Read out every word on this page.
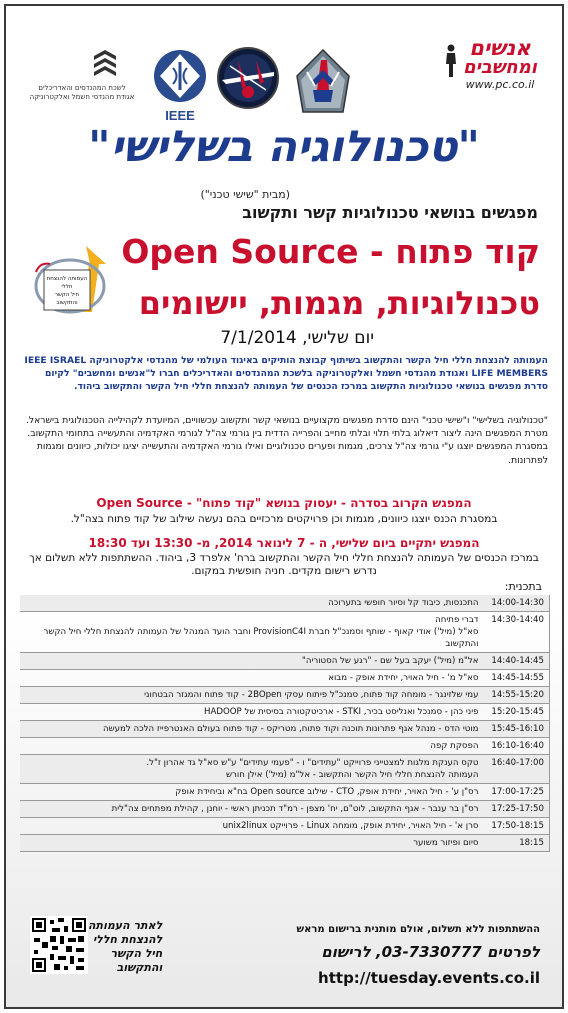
אנשים
ומחשבים
www.pc.co.il
IEEE
לשכת המהנדסים והאדריכלים
אגודת מהנדסי חשמל ואלקטרוניקה
"טכנולוגיה בשלישי"
(מבית "שישי טכני")
מפגשים בנושאי טכנולוגיות קשר ותקשוב
קוד פתוח - Open Source
טכנולוגיות, מגמות, יישומים
העמותה להנצחת
חללי
חיל הקשר
והתקשוב
יום שלישי, 7/1/2014
העמותה להנצחת חללי חיל הקשר והתקשוב בשיתוף קבוצת הותיקים באיגוד העולמי של מהנדסי אלקטרוניקה IEEE ISRAEL LIFE MEMBERS ואגודת מהנדסי חשמל ואלקטרוניקה בלשכת המהנדסים והאדריכלים חברו ל"אנשים ומחשבים" לקיום סדרת מפגשים בנושאי טכנולוגיות התקשוב במרכז הכנסים של העמותה להנצחת חללי חיל הקשר והתקשוב ביהוד.

"טכנולוגיה בשלישי" ו"שישי טכני" הינם סדרת מפגשים מקצועיים בנושאי קשר ותקשוב עכשוויים, המיועדת לקהילייה הטכנולוגית בישראל. מטרת המפגשים הינה ליצור דיאלוג בלתי תלוי ובלתי מחייב והפרייה הדדית בין גורמי צה"ל לגורמי האקדמיה והתעשייה בתחומי התקשוב.

במסגרת המפגשים יוצגו ע"י גורמי צה"ל צרכים, מגמות ופערים טכנולוגיים ואילו גורמי האקדמיה והתעשייה יציגו יכולות, כיוונים ומגמות לפתרונות.

המפגש הקרוב בסדרה - יעסוק בנושא "קוד פתוח" - Open Source
במסגרת הכנס יוצגו כיוונים, מגמות וכן פרויקטים מרכזיים בהם נעשה שילוב של קוד פתוח בצה"ל.
המפגש יתקיים ביום שלישי, ה - 7 לינואר 2014, מ- 13:30 ועד 18:30
במרכז הכנסים של העמותה להנצחת חללי חיל הקשר והתקשוב ברח' אלפרד 3, ביהוד. ההשתתפות ללא תשלום אך נדרש רישום מקדים. חניה חופשית במקום.
בתכנית:
14:00-14:30	התכנסות, כיבוד קל וסיור חופשי בתערוכה

14:30-14:40	דברי פתיחה
סא"ל (מיל') אודי קאוף - שותף וסמנכ"ל חברת ProvisionC4I וחבר הועד המנהל של העמותה להנצחת חללי חיל הקשר והתקשוב

14:40-14:45	אל"מ (מיל') יעקב בעל שם - "רגע של הסטוריה"

14:45-14:55	סא"ל מ' - חיל האויר, יחידת אופק - מבוא

14:55-15:20	עמי שלזינגר - מומחה קוד פתוח, סמנכ"ל פיתוח עסקי 2BOpen - קוד פתוח והמגזר הבטחוני

15:20-15:45	פיני כהן - סמנכל ואנליסט בכיר, STKI - ארכיטקטורה בסיסית של HADOOP

15:45-16:10	מוטי הדס - מנהל אגף פתרונות תוכנה וקוד פתוח, מטריקס - קוד פתוח בעולם האנטרפייז הלכה למעשה

16:10-16:40	הפסקת קפה

16:40-17:00	טקס הענקת מלגות למצטייני פרוייקט "עתידים" ו - "פעמי עתידים" ע"ש סא"ל גד אהרון ז"ל.
העמותה להנצחת חללי חיל הקשר והתקשוב - אל"מ (מיל') אילן חורש

17:00-17:25	רס"ן ע' - חיל האויר, יחידת אופק, CTO - שילוב Open source בח"א וביחידת אופק

17:25-17:50	רס"ן בר ענבר - אגף התקשוב, לוט"ם, יח' מצפן - רמ"ד תכניתן ראשי - יוחנן , קהילת מפתחים צה"לית

17:50-18:15	סרן א' - חיל האויר, יחידת אופק, מומחה Linux - פרוייקט unix2linux

18:15	סיום ופיזור משוער
לאתר העמותה
להנצחת חללי
חיל הקשר
והתקשוב
ההשתתפות ללא תשלום, אולם מותנית ברישום מראש
לפרטים 03-7330777, לרישום
http://tuesday.events.co.il
